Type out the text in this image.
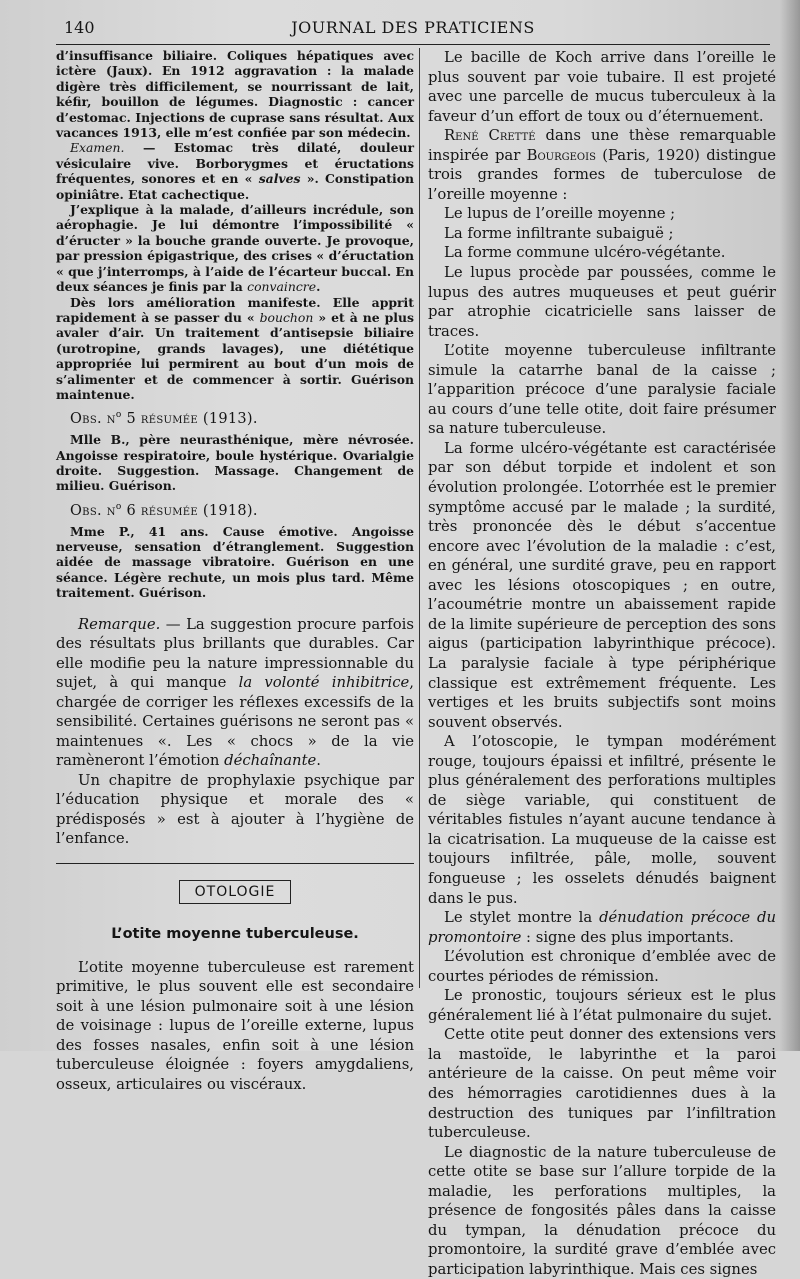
140	JOURNAL DES PRATICIENS

d’insuffisance biliaire. Coliques hépatiques avec ictère (Jaux). En 1912 aggravation : la malade digère très difficilement, se nourrissant de lait, kéfir, bouillon de légumes. Diagnostic : cancer d’estomac. Injections de cuprase sans résultat. Aux vacances 1913, elle m’est confiée par son médecin.

Examen. — Estomac très dilaté, douleur vésiculaire vive. Borborygmes et éructations fréquentes, sonores et en « salves ». Constipation opiniâtre. Etat cachectique.

J’explique à la malade, d’ailleurs incrédule, son aérophagie. Je lui démontre l’impossibilité « d’éructer » la bouche grande ouverte. Je provoque, par pression épigastrique, des crises « d’éructation « que j’interromps, à l’aide de l’écarteur buccal. En deux séances je finis par la convaincre.

Dès lors amélioration manifeste. Elle apprit rapidement à se passer du « bouchon » et à ne plus avaler d’air. Un traitement d’antisepsie biliaire (urotropine, grands lavages), une diététique appropriée lui permirent au bout d’un mois de s’alimenter et de commencer à sortir. Guérison maintenue.

Obs. $n^o$ 5 résumée (1913).

Mlle B., père neurasthénique, mère névrosée. Angoisse respiratoire, boule hystérique. Ovarialgie droite. Suggestion. Massage. Changement de milieu. Guérison.

Obs. $n^o$ 6 résumée (1918).

Mme P., 41 ans. Cause émotive. Angoisse nerveuse, sensation d’étranglement. Suggestion aidée de massage vibratoire. Guérison en une séance. Légère rechute, un mois plus tard. Même traitement. Guérison.

Remarque. — La suggestion procure parfois des résultats plus brillants que durables. Car elle modifie peu la nature impressionnable du sujet, à qui manque la volonté inhibitrice, chargée de corriger les réflexes excessifs de la sensibilité. Certaines guérisons ne seront pas « maintenues «. Les « chocs » de la vie ramèneront l’émotion déchaînante.

Un chapitre de prophylaxie psychique par l’éducation physique et morale des « prédisposés » est à ajouter à l’hygiène de l’enfance.

OTOLOGIE
L’otite moyenne tuberculeuse.

L’otite moyenne tuberculeuse est rarement primitive, le plus souvent elle est secondaire soit à une lésion pulmonaire soit à une lésion de voisinage : lupus de l’oreille externe, lupus des fosses nasales, enfin soit à une lésion tuberculeuse éloignée : foyers amygdaliens, osseux, articulaires ou viscéraux.

Le bacille de Koch arrive dans l’oreille le plus souvent par voie tubaire. Il est projeté avec une parcelle de mucus tuberculeux à la faveur d’un effort de toux ou d’éternuement.

René Cretté dans une thèse remarquable inspirée par Bourgeois (Paris, 1920) distingue trois grandes formes de tuberculose de l’oreille moyenne :

Le lupus de l’oreille moyenne ;

La forme infiltrante subaiguë ;

La forme commune ulcéro-végétante.

Le lupus procède par poussées, comme le lupus des autres muqueuses et peut guérir par atrophie cicatricielle sans laisser de traces.

L’otite moyenne tuberculeuse infiltrante simule la catarrhe banal de la caisse ; l’apparition précoce d’une paralysie faciale au cours d’une telle otite, doit faire présumer sa nature tuberculeuse.

La forme ulcéro-végétante est caractérisée par son début torpide et indolent et son évolution prolongée. L’otorrhée est le premier symptôme accusé par le malade ; la surdité, très prononcée dès le début s’accentue encore avec l’évolution de la maladie : c’est, en général, une surdité grave, peu en rapport avec les lésions otoscopiques ; en outre, l’acoumétrie montre un abaissement rapide de la limite supérieure de perception des sons aigus (participation labyrinthique précoce). La paralysie faciale à type périphérique classique est extrêmement fréquente. Les vertiges et les bruits subjectifs sont moins souvent observés.

A l’otoscopie, le tympan modérément rouge, toujours épaissi et infiltré, présente le plus généralement des perforations multiples de siège variable, qui constituent de véritables fistules n’ayant aucune tendance à la cicatrisation. La muqueuse de la caisse est toujours infiltrée, pâle, molle, souvent fongueuse ; les osselets dénudés baignent dans le pus.

Le stylet montre la dénudation précoce du promontoire : signe des plus importants.

L’évolution est chronique d’emblée avec de courtes périodes de rémission.

Le pronostic, toujours sérieux est le plus généralement lié à l’état pulmonaire du sujet.

Cette otite peut donner des extensions vers la mastoïde, le labyrinthe et la paroi antérieure de la caisse. On peut même voir des hémorragies carotidiennes dues à la destruction des tuniques par l’infiltration tuberculeuse.

Le diagnostic de la nature tuberculeuse de cette otite se base sur l’allure torpide de la maladie, les perforations multiples, la présence de fongosités pâles dans la caisse du tympan, la dénudation précoce du promontoire, la surdité grave d’emblée avec participation labyrinthique. Mais ces signes
